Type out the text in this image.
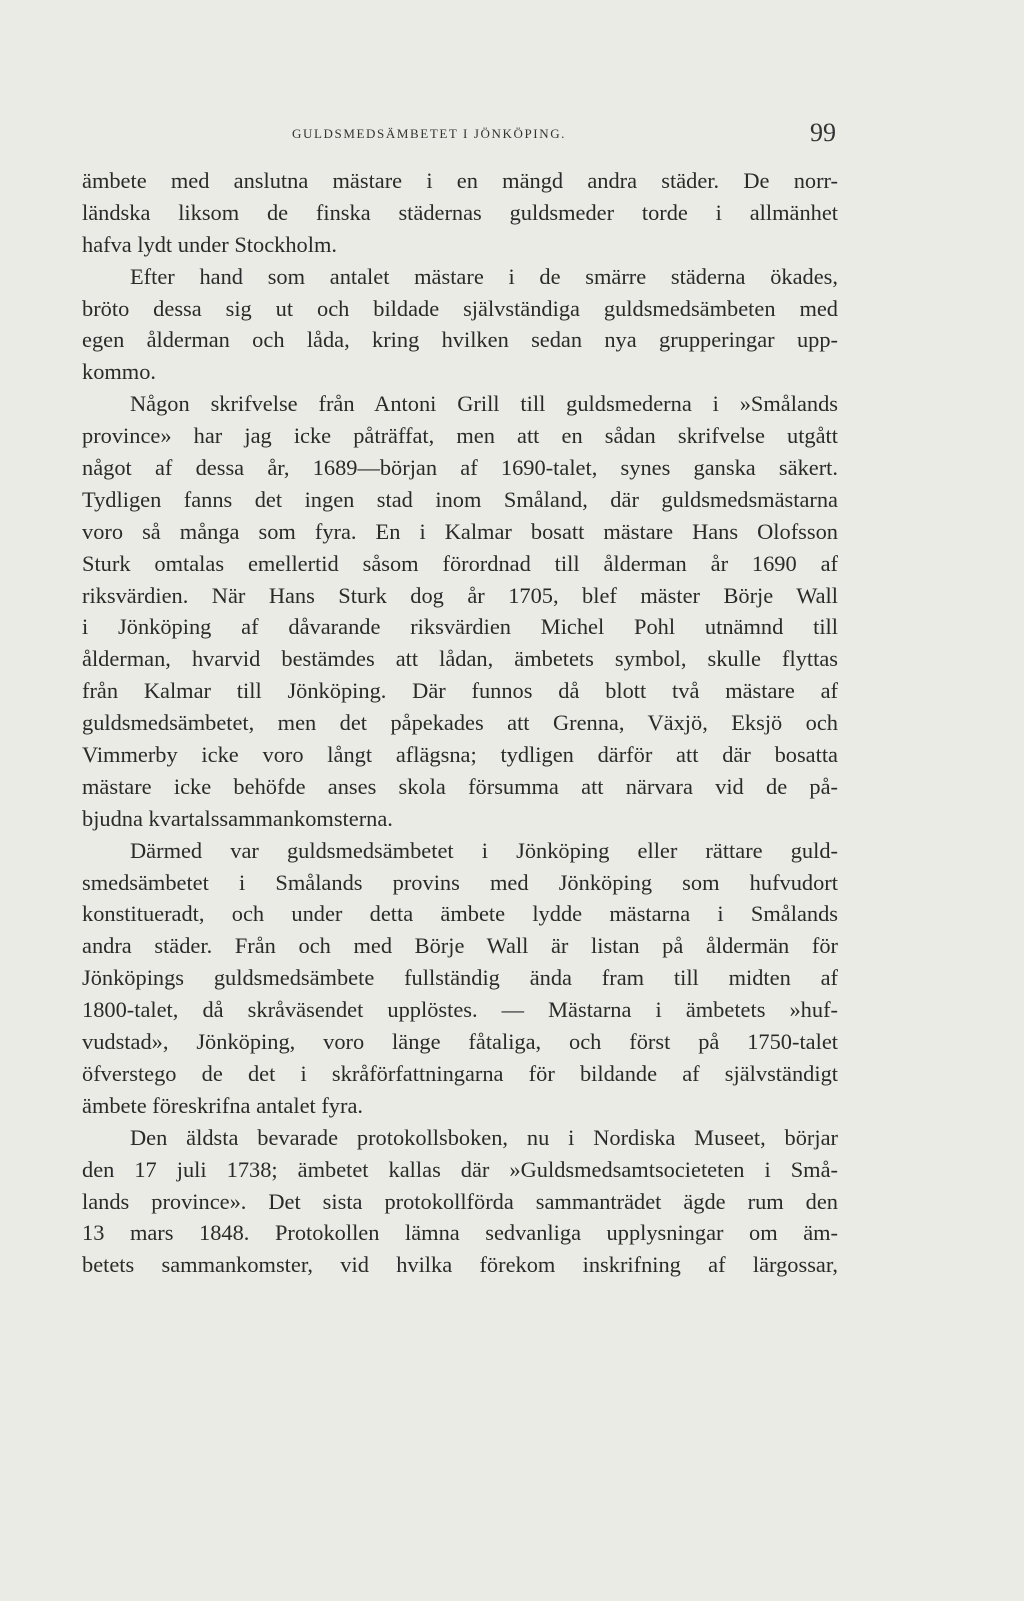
GULDSMEDSÄMBETET I JÖNKÖPING.	99
ämbete med anslutna mästare i en mängd andra städer. De norr-
ländska liksom de finska städernas guldsmeder torde i allmänhet
hafva lydt under Stockholm.
Efter hand som antalet mästare i de smärre städerna ökades,
bröto dessa sig ut och bildade självständiga guldsmedsämbeten med
egen ålderman och låda, kring hvilken sedan nya grupperingar upp-
kommo.
Någon skrifvelse från Antoni Grill till guldsmederna i »Smålands
province» har jag icke påträffat, men att en sådan skrifvelse utgått
något af dessa år, 1689—början af 1690-talet, synes ganska säkert.
Tydligen fanns det ingen stad inom Småland, där guldsmedsmästarna
voro så många som fyra. En i Kalmar bosatt mästare Hans Olofsson
Sturk omtalas emellertid såsom förordnad till ålderman år 1690 af
riksvärdien. När Hans Sturk dog år 1705, blef mäster Börje Wall
i Jönköping af dåvarande riksvärdien Michel Pohl utnämnd till
ålderman, hvarvid bestämdes att lådan, ämbetets symbol, skulle flyttas
från Kalmar till Jönköping. Där funnos då blott två mästare af
guldsmedsämbetet, men det påpekades att Grenna, Växjö, Eksjö och
Vimmerby icke voro långt aflägsna; tydligen därför att där bosatta
mästare icke behöfde anses skola försumma att närvara vid de på-
bjudna kvartalssammankomsterna.
Därmed var guldsmedsämbetet i Jönköping eller rättare guld-
smedsämbetet i Smålands provins med Jönköping som hufvudort
konstitueradt, och under detta ämbete lydde mästarna i Smålands
andra städer. Från och med Börje Wall är listan på åldermän för
Jönköpings guldsmedsämbete fullständig ända fram till midten af
1800-talet, då skråväsendet upplöstes. — Mästarna i ämbetets »huf-
vudstad», Jönköping, voro länge fåtaliga, och först på 1750-talet
öfverstego de det i skråförfattningarna för bildande af självständigt
ämbete föreskrifna antalet fyra.
Den äldsta bevarade protokollsboken, nu i Nordiska Museet, börjar
den 17 juli 1738; ämbetet kallas där »Guldsmedsamtsocieteten i Små-
lands province». Det sista protokollförda sammanträdet ägde rum den
13 mars 1848. Protokollen lämna sedvanliga upplysningar om äm-
betets sammankomster, vid hvilka förekom inskrifning af lärgossar,
